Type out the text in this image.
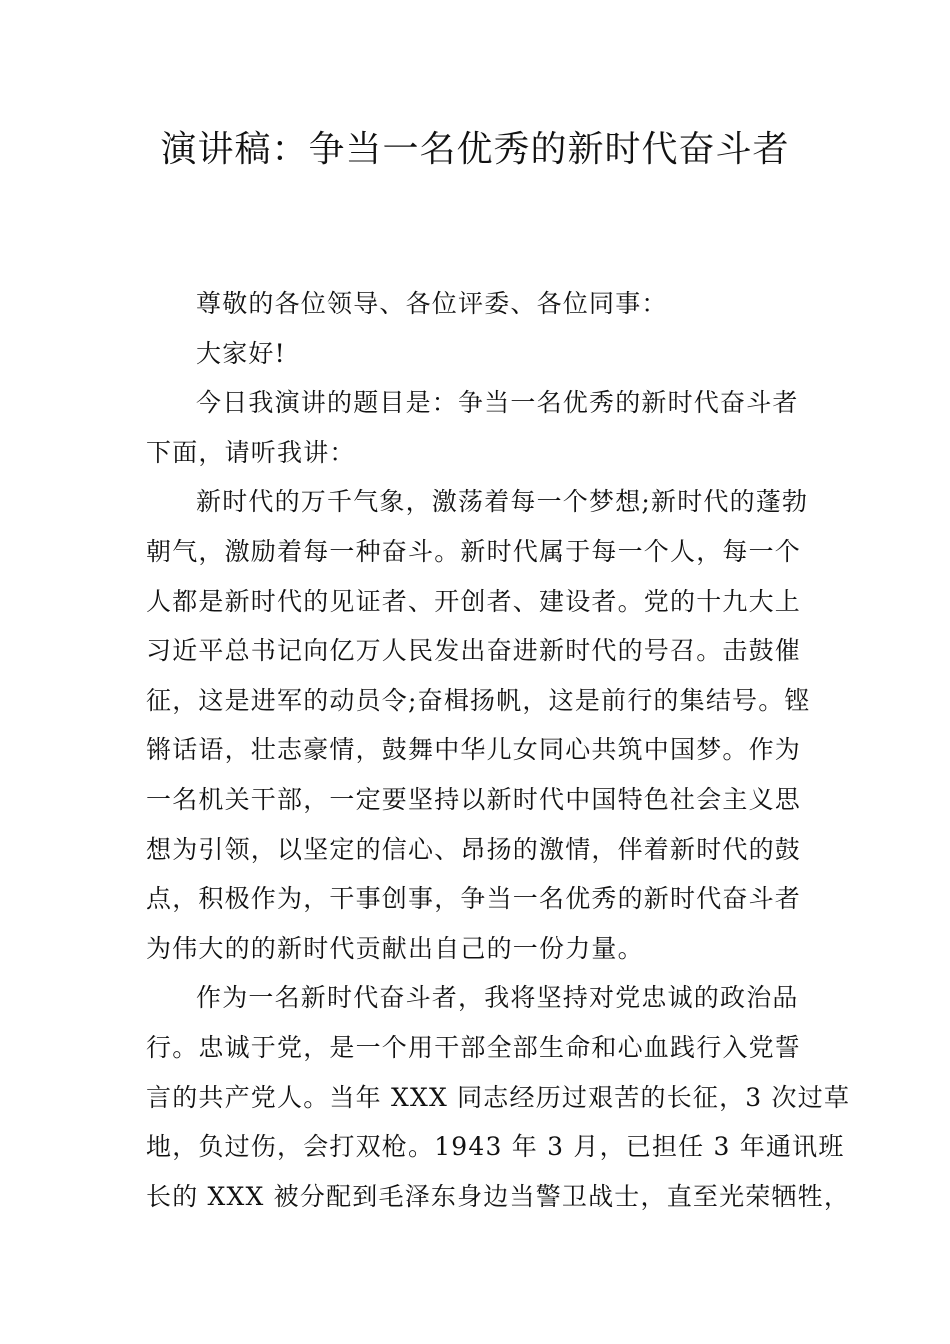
演讲稿：争当一名优秀的新时代奋斗者
尊敬的各位领导、各位评委、各位同事：
大家好!
今日我演讲的题目是：争当一名优秀的新时代奋斗者
下面，请听我讲：
新时代的万千气象，激荡着每一个梦想;新时代的蓬勃
朝气，激励着每一种奋斗。新时代属于每一个人，每一个
人都是新时代的见证者、开创者、建设者。党的十九大上
习近平总书记向亿万人民发出奋进新时代的号召。击鼓催
征，这是进军的动员令;奋楫扬帆，这是前行的集结号。铿
锵话语，壮志豪情，鼓舞中华儿女同心共筑中国梦。作为
一名机关干部，一定要坚持以新时代中国特色社会主义思
想为引领，以坚定的信心、昂扬的激情，伴着新时代的鼓
点，积极作为，干事创事，争当一名优秀的新时代奋斗者
为伟大的的新时代贡献出自己的一份力量。
作为一名新时代奋斗者，我将坚持对党忠诚的政治品
行。忠诚于党，是一个用干部全部生命和心血践行入党誓
言的共产党人。当年 XXX 同志经历过艰苦的长征，3 次过草
地，负过伤，会打双枪。1943 年 3 月，已担任 3 年通讯班
长的 XXX 被分配到毛泽东身边当警卫战士，直至光荣牺牲，
